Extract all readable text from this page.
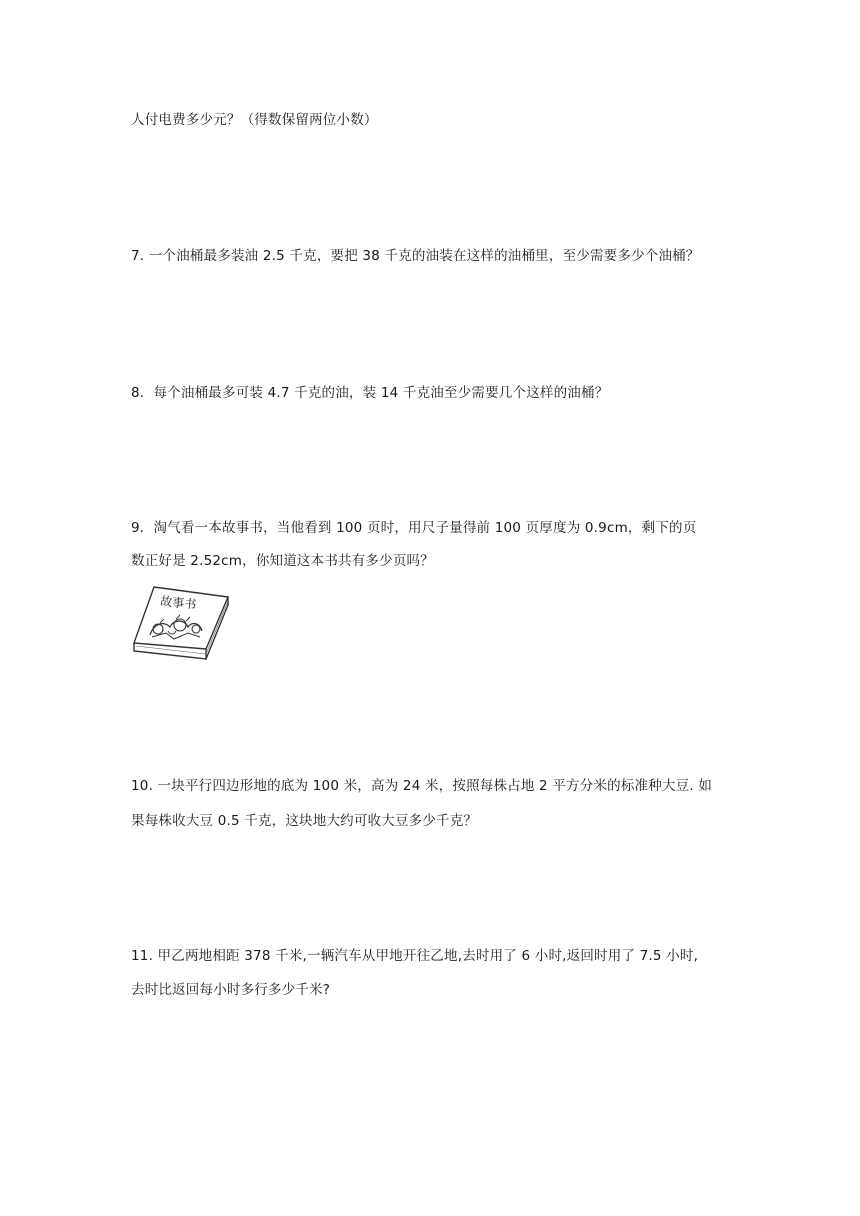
人付电费多少元？（得数保留两位小数）
7. 一个油桶最多装油 2.5 千克，要把 38 千克的油装在这样的油桶里，至少需要多少个油桶？
8．每个油桶最多可装 4.7 千克的油，装 14 千克油至少需要几个这样的油桶？
9．淘气看一本故事书，当他看到 100 页时，用尺子量得前 100 页厚度为 0.9cm，剩下的页
数正好是 2.52cm，你知道这本书共有多少页吗？
故事书
10. 一块平行四边形地的底为 100 米，高为 24 米，按照每株占地 2 平方分米的标准种大豆. 如
果每株收大豆 0.5 千克，这块地大约可收大豆多少千克？
11. 甲乙两地相距 378 千米,一辆汽车从甲地开往乙地,去时用了 6 小时,返回时用了 7.5 小时,
去时比返回每小时多行多少千米?
